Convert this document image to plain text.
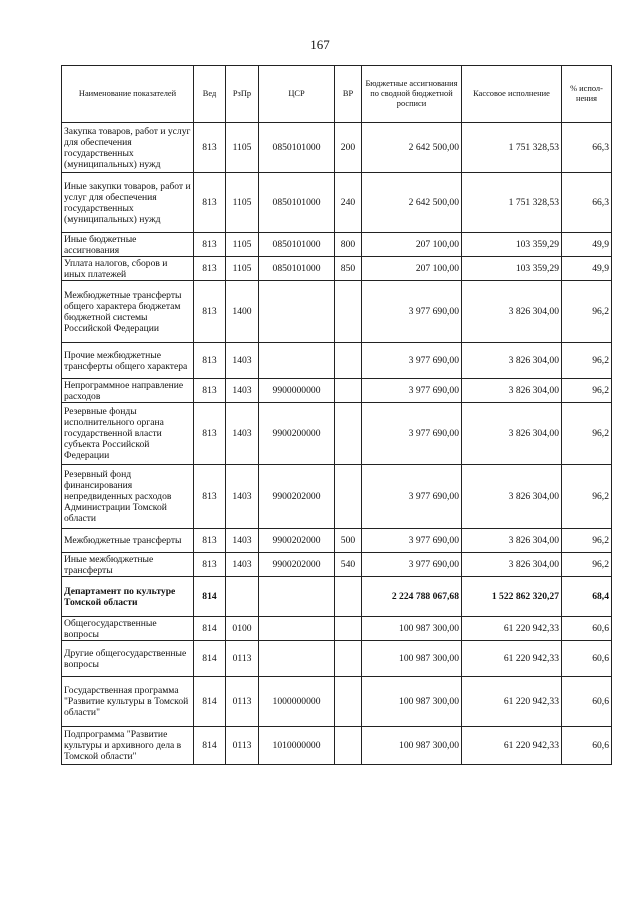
167
Наименование показателей	Вед	РзПр	ЦСР	ВР	Бюджетные ассигнования по сводной бюджетной росписи	Кассовое исполнение	% испол-нения
Закупка товаров, работ и услуг для обеспечения государственных (муниципальных) нужд	813	1105	0850101000	200	2 642 500,00	1 751 328,53	66,3
Иные закупки товаров, работ и услуг для обеспечения государственных (муниципальных) нужд	813	1105	0850101000	240	2 642 500,00	1 751 328,53	66,3
Иные бюджетные ассигнования	813	1105	0850101000	800	207 100,00	103 359,29	49,9
Уплата налогов, сборов и иных платежей	813	1105	0850101000	850	207 100,00	103 359,29	49,9
Межбюджетные трансферты общего характера бюджетам бюджетной системы Российской Федерации	813	1400			3 977 690,00	3 826 304,00	96,2
Прочие межбюджетные трансферты общего характера	813	1403			3 977 690,00	3 826 304,00	96,2
Непрограммное направление расходов	813	1403	9900000000		3 977 690,00	3 826 304,00	96,2
Резервные фонды исполнительного органа государственной власти субъекта Российской Федерации	813	1403	9900200000		3 977 690,00	3 826 304,00	96,2
Резервный фонд финансирования непредвиденных расходов Администрации Томской области	813	1403	9900202000		3 977 690,00	3 826 304,00	96,2
Межбюджетные трансферты	813	1403	9900202000	500	3 977 690,00	3 826 304,00	96,2
Иные межбюджетные трансферты	813	1403	9900202000	540	3 977 690,00	3 826 304,00	96,2
Департамент по культуре Томской области	814				2 224 788 067,68	1 522 862 320,27	68,4
Общегосударственные вопросы	814	0100			100 987 300,00	61 220 942,33	60,6
Другие общегосударственные вопросы	814	0113			100 987 300,00	61 220 942,33	60,6
Государственная программа "Развитие культуры в Томской области"	814	0113	1000000000		100 987 300,00	61 220 942,33	60,6
Подпрограмма "Развитие культуры и архивного дела в Томской области"	814	0113	1010000000		100 987 300,00	61 220 942,33	60,6
